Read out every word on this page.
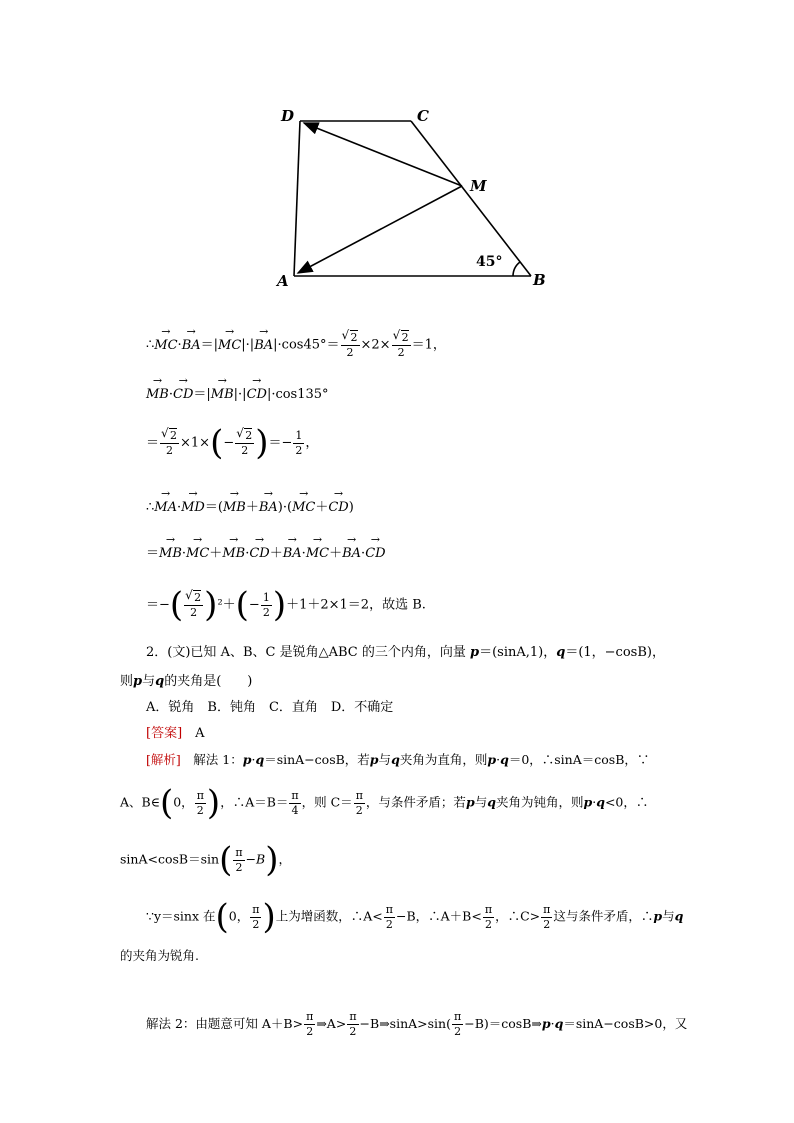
D	C
M
A	B
45°
∴→ MC·→ BA＝|→ MC|·|→ BA|·cos45°＝ √ $\frac{2}{2} \times 2\times$ √ $\frac{2}{2} =1$，
→ MB·→ CD＝|→ MB|·|→ CD|·cos135°
＝ √ $\frac{2}{2} \times 1\times(-$ √ $\frac{2}{2}$ )＝− $\frac{1}{2}$ ，
∴→ MA·→ MD＝(→ MB＋→ BA)·(→ MC＋→ CD)
＝→ MB·→ MC＋→ MB·→ CD＋→ BA·→ MC＋→ BA·→ CD
＝−( √ $\frac{2}{2} )^2+(- \frac{1}{2} )+1+2\times 1=2$，故选 B.
2．(文)已知 A、B、C 是锐角△ABC 的三个内角，向量 p＝(sinA,1)，q＝(1，−cosB)，
则p与q的夹角是(　　)
A．锐角　B．钝角　C．直角　D．不确定
[答案]　 A
[解析]　 解法 1：p·q＝sinA−cosB，若p与q夹角为直角，则p·q＝0，∴sinA＝cosB，∵
A、B∈(0， $\frac{\pi}{2}$ )，∴A＝B＝ $\frac{\pi}{4}$ ，则 $C= \frac{\pi}{2}$ ，与条件矛盾；若p与q夹角为钝角，则p·q<0，∴
$\sin A<\cos B=\sin( \frac{\pi}{2} -B)$，
∵y＝sinx 在(0， $\frac{\pi}{2}$ )上为增函数，∴A< $\frac{\pi}{2} -B$，∴A＋B< $\frac{\pi}{2}$ ，∴C> $\frac{\pi}{2}$ 这与条件矛盾，∴p与q
的夹角为锐角.
解法 2：由题意可知 $A+B> \frac{\pi}{2}$ ⇒A> $\frac{\pi}{2}$ −B⇒sinA>sin( $\frac{\pi}{2}$ −B)＝cosB⇒p·q＝sinA−cosB>0，又
